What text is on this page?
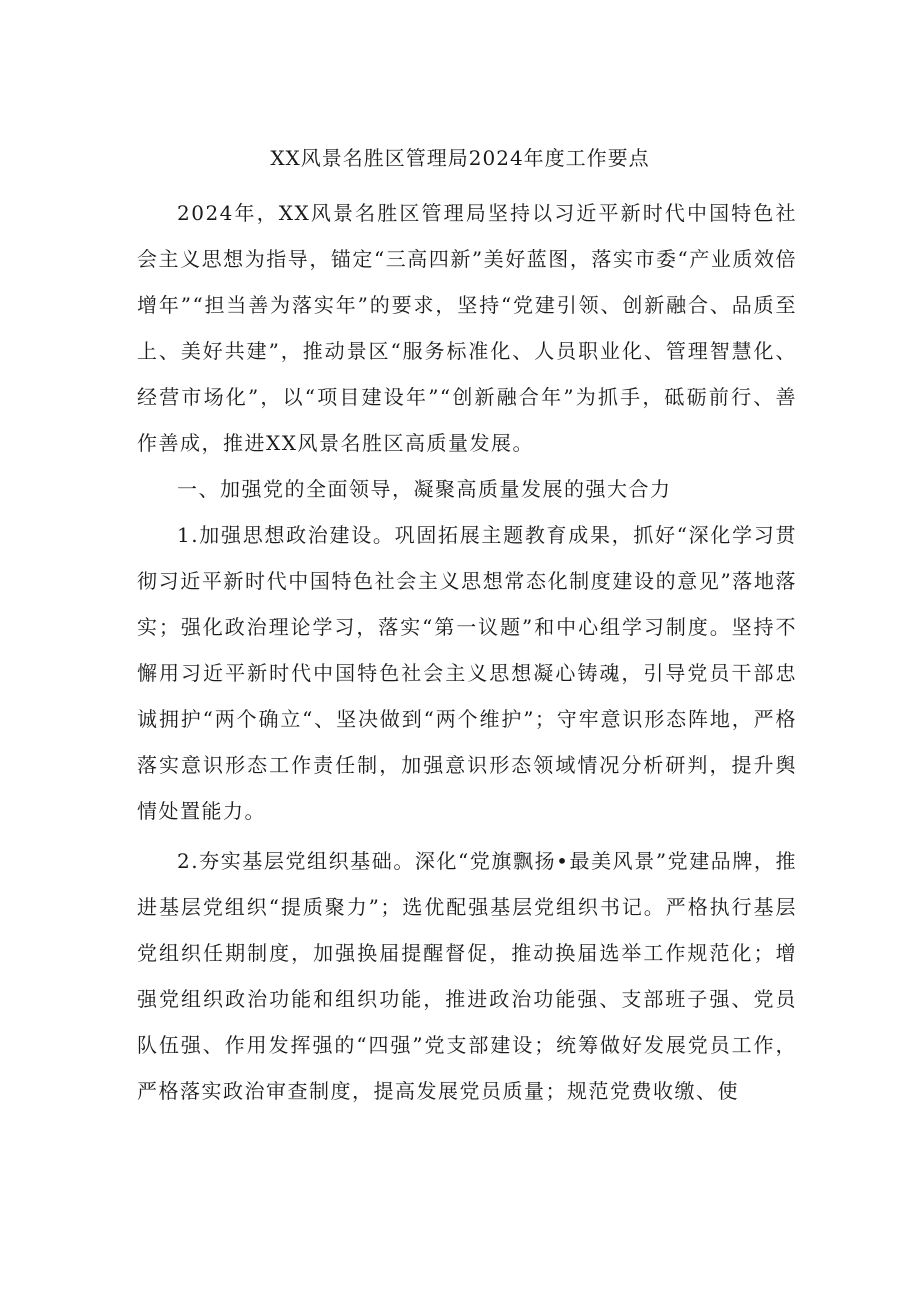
XX风景名胜区管理局2024年度工作要点

2024年，XX风景名胜区管理局坚持以习近平新时代中国特色社会主义思想为指导，锚定“三高四新”美好蓝图，落实市委“产业质效倍增年”“担当善为落实年”的要求，坚持“党建引领、创新融合、品质至上、美好共建”，推动景区“服务标准化、人员职业化、管理智慧化、经营市场化”，以“项目建设年”“创新融合年”为抓手，砥砺前行、善作善成，推进XX风景名胜区高质量发展。

一、加强党的全面领导，凝聚高质量发展的强大合力

1.加强思想政治建设。巩固拓展主题教育成果，抓好“深化学习贯彻习近平新时代中国特色社会主义思想常态化制度建设的意见”落地落实；强化政治理论学习，落实“第一议题”和中心组学习制度。坚持不懈用习近平新时代中国特色社会主义思想凝心铸魂，引导党员干部忠诚拥护“两个确立“、坚决做到“两个维护”；守牢意识形态阵地，严格落实意识形态工作责任制，加强意识形态领域情况分析研判，提升舆情处置能力。

2.夯实基层党组织基础。深化“党旗飘扬•最美风景”党建品牌，推进基层党组织“提质聚力”；选优配强基层党组织书记。严格执行基层党组织任期制度，加强换届提醒督促，推动换届选举工作规范化；增强党组织政治功能和组织功能，推进政治功能强、支部班子强、党员队伍强、作用发挥强的“四强”党支部建设；统筹做好发展党员工作，严格落实政治审查制度，提高发展党员质量；规范党费收缴、使
